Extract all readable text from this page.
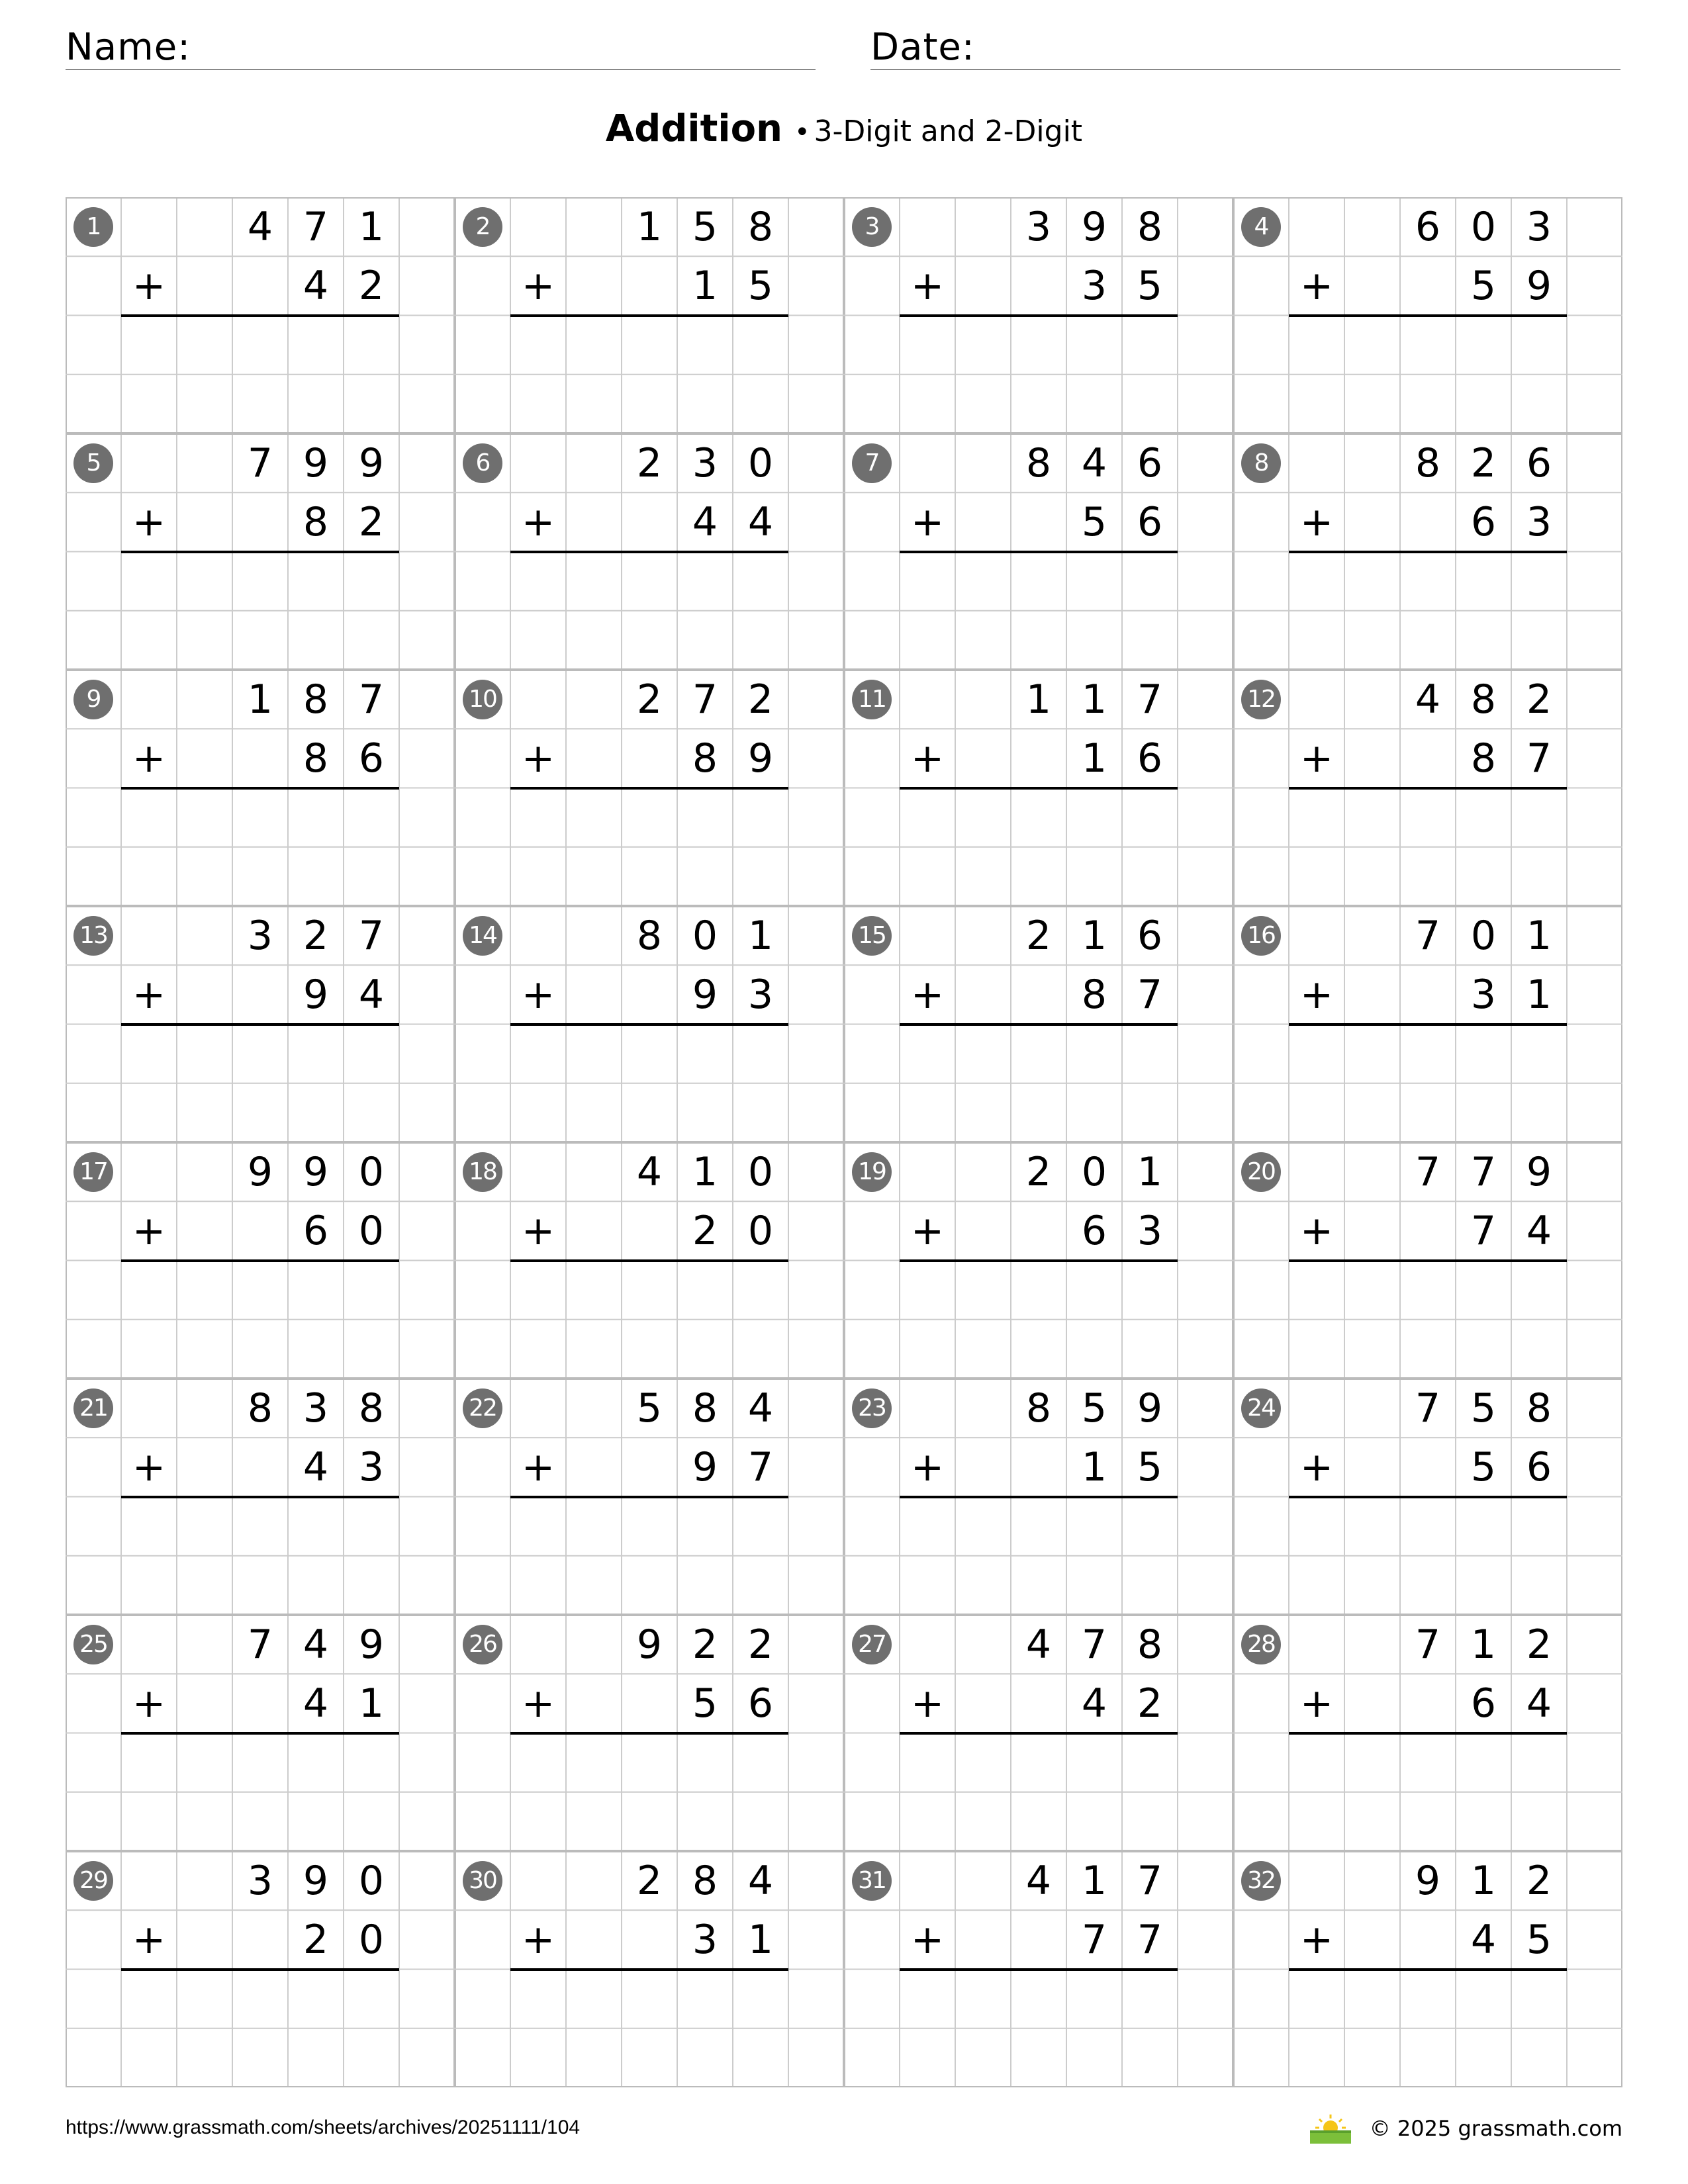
Name:	Date:
Addition • 3-Digit and 2-Digit
1	4 7 1
+	4 2
2	1 5 8
+	1 5
3	3 9 8
+	3 5
4	6 0 3
+	5 9
5	7 9 9
+	8 2
6	2 3 0
+	4 4
7	8 4 6
+	5 6
8	8 2 6
+	6 3
9	1 8 7
+	8 6
10	2 7 2
+	8 9
11	1 1 7
+	1 6
12	4 8 2
+	8 7
13	3 2 7
+	9 4
14	8 0 1
+	9 3
15	2 1 6
+	8 7
16	7 0 1
+	3 1
17	9 9 0
+	6 0
18	4 1 0
+	2 0
19	2 0 1
+	6 3
20	7 7 9
+	7 4
21	8 3 8
+	4 3
22	5 8 4
+	9 7
23	8 5 9
+	1 5
24	7 5 8
+	5 6
25	7 4 9
+	4 1
26	9 2 2
+	5 6
27	4 7 8
+	4 2
28	7 1 2
+	6 4
29	3 9 0
+	2 0
30	2 8 4
+	3 1
31	4 1 7
+	7 7
32	9 1 2
+	4 5
https://www.grassmath.com/sheets/archives/20251111/104	© 2025 grassmath.com
